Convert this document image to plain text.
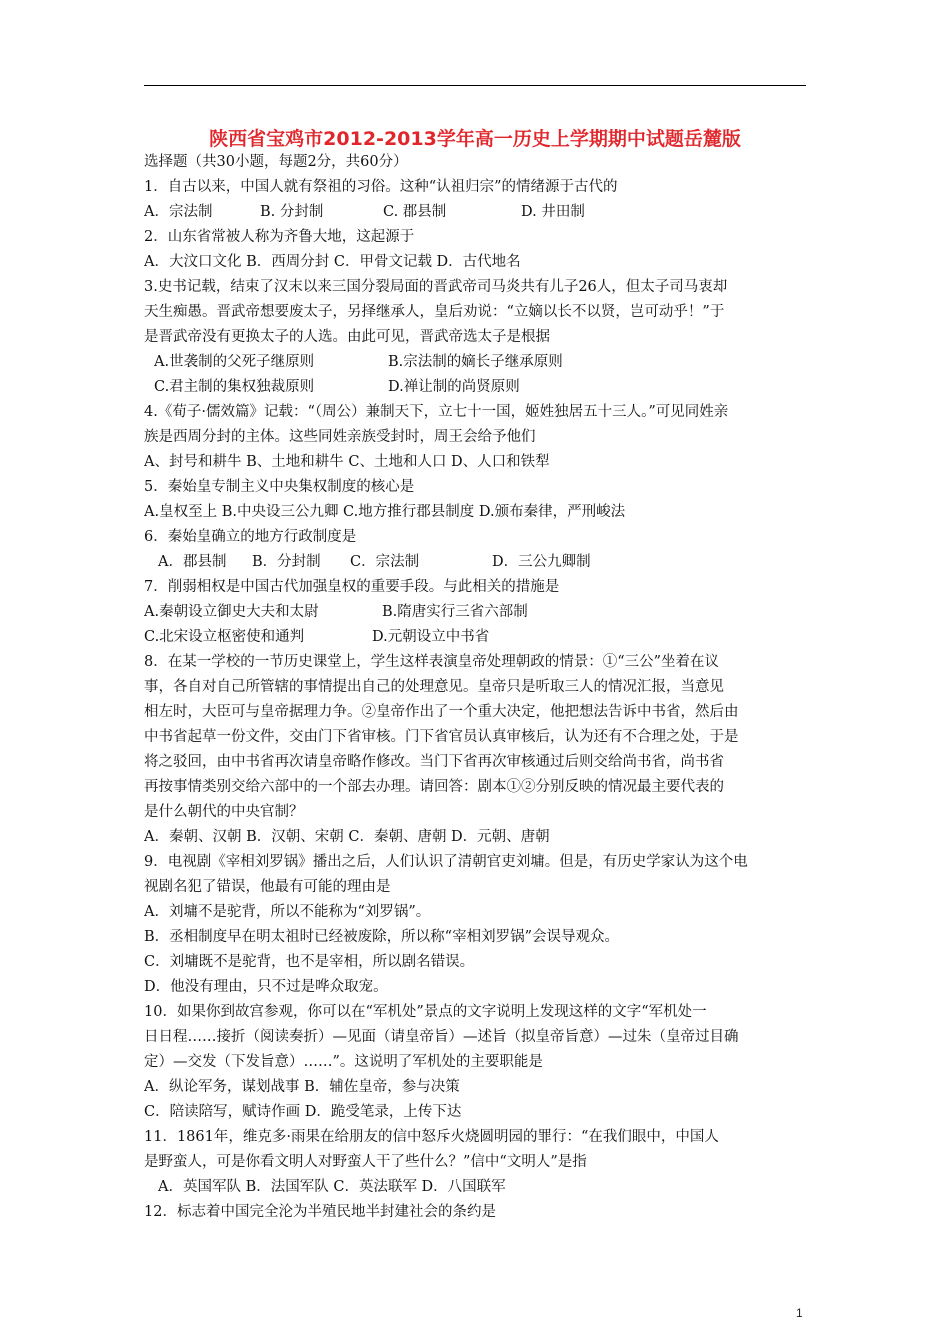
陕西省宝鸡市2012-2013学年高一历史上学期期中试题岳麓版
选择题（共30小题，每题2分，共60分）
1．自古以来，中国人就有祭祖的习俗。这种“认祖归宗”的情绪源于古代的
A．宗法制	B. 分封制	C. 郡县制	D. 井田制
2．山东省常被人称为齐鲁大地，这起源于
A．大汶口文化 B．西周分封 C．甲骨文记载 D．古代地名
3.史书记载，结束了汉末以来三国分裂局面的晋武帝司马炎共有儿子26人，但太子司马衷却
天生痴愚。晋武帝想要废太子，另择继承人，皇后劝说：“立嫡以长不以贤，岂可动乎！”于
是晋武帝没有更换太子的人选。由此可见，晋武帝选太子是根据
A.世袭制的父死子继原则	B.宗法制的嫡长子继承原则
C.君主制的集权独裁原则	D.禅让制的尚贤原则
4.《荀子·儒效篇》记载：“（周公）兼制天下，立七十一国，姬姓独居五十三人。”可见同姓亲
族是西周分封的主体。这些同姓亲族受封时，周王会给予他们
A、封号和耕牛 B、土地和耕牛 C、土地和人口 D、人口和铁犁
5．秦始皇专制主义中央集权制度的核心是
A.皇权至上 B.中央设三公九卿 C.地方推行郡县制度 D.颁布秦律，严刑峻法
6．秦始皇确立的地方行政制度是
A．郡县制 B．分封制 C．宗法制	D．三公九卿制
7．削弱相权是中国古代加强皇权的重要手段。与此相关的措施是
A.秦朝设立御史大夫和太尉	B.隋唐实行三省六部制
C.北宋设立枢密使和通判	D.元朝设立中书省
8．在某一学校的一节历史课堂上，学生这样表演皇帝处理朝政的情景：①“三公”坐着在议
事，各自对自己所管辖的事情提出自己的处理意见。皇帝只是听取三人的情况汇报，当意见
相左时，大臣可与皇帝据理力争。②皇帝作出了一个重大决定，他把想法告诉中书省，然后由
中书省起草一份文件，交由门下省审核。门下省官员认真审核后，认为还有不合理之处，于是
将之驳回，由中书省再次请皇帝略作修改。当门下省再次审核通过后则交给尚书省，尚书省
再按事情类别交给六部中的一个部去办理。请回答：剧本①②分别反映的情况最主要代表的
是什么朝代的中央官制？
A．秦朝、汉朝 B．汉朝、宋朝 C．秦朝、唐朝 D．元朝、唐朝
9．电视剧《宰相刘罗锅》播出之后，人们认识了清朝官吏刘墉。但是，有历史学家认为这个电
视剧名犯了错误，他最有可能的理由是
A．刘墉不是驼背，所以不能称为“刘罗锅”。
B．丞相制度早在明太祖时已经被废除，所以称“宰相刘罗锅”会误导观众。
C．刘墉既不是驼背，也不是宰相，所以剧名错误。
D．他没有理由，只不过是哗众取宠。
10．如果你到故宫参观，你可以在“军机处”景点的文字说明上发现这样的文字“军机处一
日日程……接折（阅读奏折）—见面（请皇帝旨）—述旨（拟皇帝旨意）—过朱（皇帝过目确
定）—交发（下发旨意）……”。这说明了军机处的主要职能是
A．纵论军务，谋划战事 B．辅佐皇帝，参与决策
C．陪读陪写，赋诗作画 D．跪受笔录，上传下达
11．1861年，维克多·雨果在给朋友的信中怒斥火烧圆明园的罪行：“在我们眼中，中国人
是野蛮人，可是你看文明人对野蛮人干了些什么？”信中“文明人”是指
A．英国军队 B．法国军队 C．英法联军 D．八国联军
12．标志着中国完全沦为半殖民地半封建社会的条约是
1
